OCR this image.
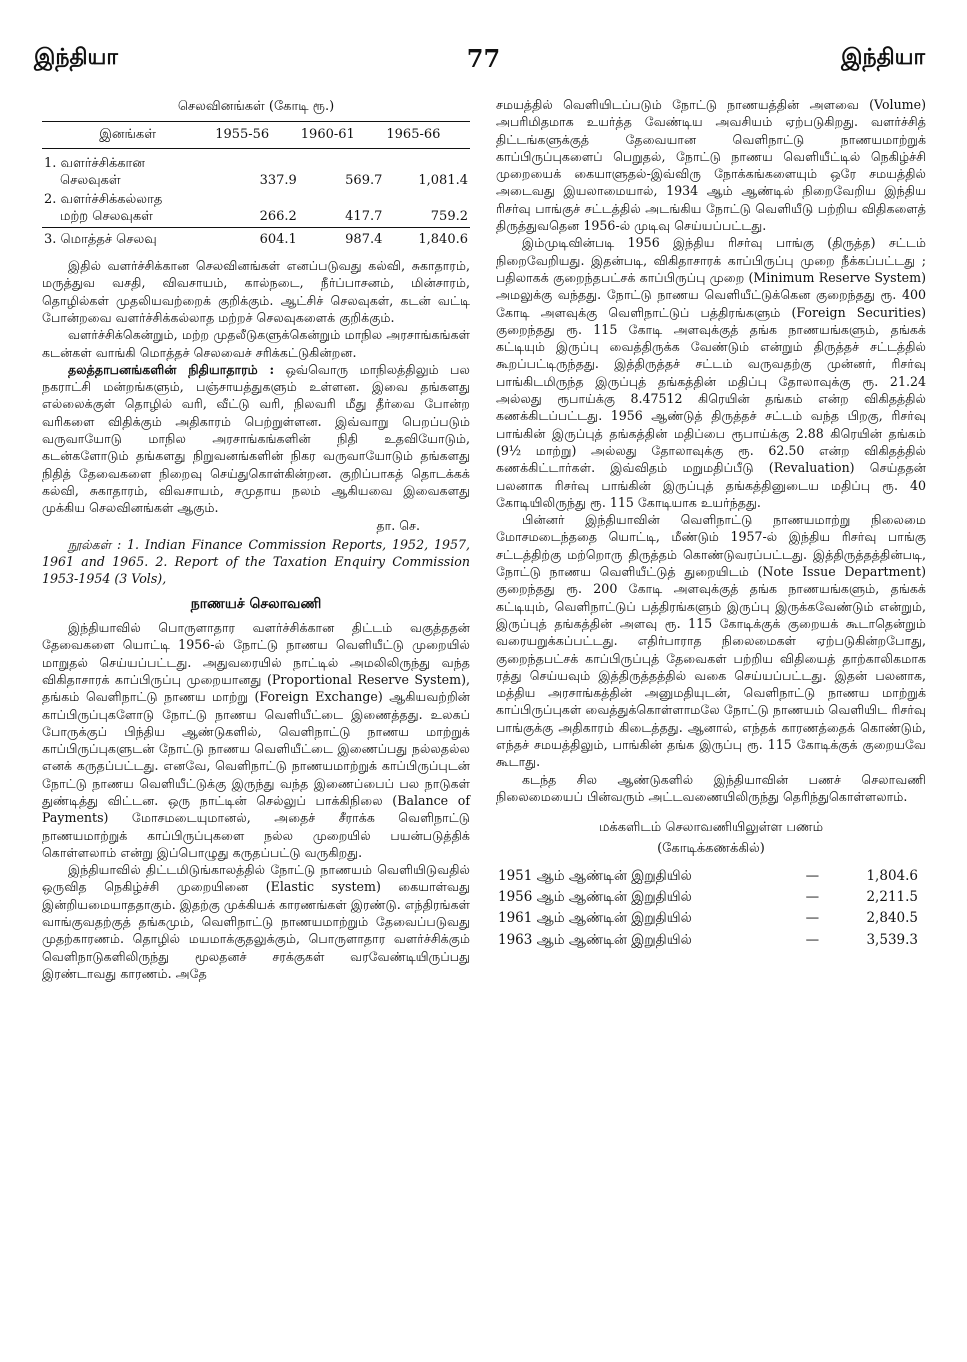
இந்தியா	77	இந்தியா
செலவினங்கள் (கோடி ரூ.)
இனங்கள்	1955-56	1960-61	1965-66
1. வளர்ச்சிக்கான
செலவுகள்	337.9	569.7	1,081.4
2. வளர்ச்சிக்கல்லாத
மற்ற செலவுகள்	266.2	417.7	759.2
3. மொத்தச் செலவு	604.1	987.4	1,840.6

இதில் வளர்ச்சிக்கான செலவினங்கள் எனப்படுவது கல்வி, சுகாதாரம், மருத்துவ வசதி, விவசாயம், கால்நடை, நீர்ப்பாசனம், மின்சாரம், தொழில்கள் முதலியவற்றைக் குறிக்கும். ஆட்சிச் செலவுகள், கடன் வட்டி போன்றவை வளர்ச்சிக்கல்லாத மற்றச் செலவுகளைக் குறிக்கும்.

வளர்ச்சிக்கென்றும், மற்ற முதலீடுகளுக்கென்றும் மாநில அரசாங்கங்கள் கடன்கள் வாங்கி மொத்தச் செலவைச் சரிக்கட்டுகின்றன.

தலத்தாபனங்களின் நிதியாதாரம் : ஒவ்வொரு மாநிலத்திலும் பல நகராட்சி மன்றங்களும், பஞ்சாயத்துகளும் உள்ளன. இவை தங்களது எல்லைக்குள் தொழில் வரி, வீட்டு வரி, நிலவரி மீது தீர்வை போன்ற வரிகளை விதிக்கும் அதிகாரம் பெற்றுள்ளன. இவ்வாறு பெறப்படும் வருவாயோடு மாநில அரசாங்கங்களின் நிதி உதவியோடும், கடன்களோடும் தங்களது நிறுவனங்களின் நிகர வருவாயோடும் தங்களது நிதித் தேவைகளை நிறைவு செய்துகொள்கின்றன. குறிப்பாகத் தொடக்கக் கல்வி, சுகாதாரம், விவசாயம், சமுதாய நலம் ஆகியவை இவைகளது முக்கிய செலவினங்கள் ஆகும்.

தா. செ.

நூல்கள் : 1. Indian Finance Commission Reports, 1952, 1957, 1961 and 1965. 2. Report of the Taxation Enquiry Commission 1953-1954 (3 Vols),

நாணயச் செலாவணி

இந்தியாவில் பொருளாதார வளர்ச்சிக்கான திட்டம் வகுத்ததன் தேவைகளை யொட்டி 1956-ல் நோட்டு நாணய வெளியீட்டு முறையில் மாறுதல் செய்யப்பட்டது. அதுவரையில் நாட்டில் அமலிலிருந்து வந்த விகிதாசாரக் காப்பிருப்பு முறையானது (Proportional Reserve System), தங்கம் வெளிநாட்டு நாணய மாற்று (Foreign Exchange) ஆகியவற்றின் காப்பிருப்புகளோடு நோட்டு நாணய வெளியீட்டை இணைத்தது. உலகப் போருக்குப் பிந்திய ஆண்டுகளில், வெளிநாட்டு நாணய மாற்றுக் காப்பிருப்புகளுடன் நோட்டு நாணய வெளியீட்டை இணைப்பது நல்லதல்ல எனக் கருதப்பட்டது. எனவே, வெளிநாட்டு நாணயமாற்றுக் காப்பிருப்புடன் நோட்டு நாணய வெளியீட்டுக்கு இருந்து வந்த இணைப்பைப் பல நாடுகள் துண்டித்து விட்டன. ஒரு நாட்டின் செல்லுப் பாக்கிநிலை (Balance of Payments) மோசமடையுமானல், அதைச் சீராக்க வெளிநாட்டு நாணயமாற்றுக் காப்பிருப்புகளை நல்ல முறையில் பயன்படுத்திக் கொள்ளலாம் என்று இப்பொழுது கருதப்பட்டு வருகிறது.

இந்தியாவில் திட்டமிடுங்காலத்தில் நோட்டு நாணயம் வெளியிடுவதில் ஒருவித நெகிழ்ச்சி முறையினை (Elastic system) கையாள்வது இன்றியமையாததாகும். இதற்கு முக்கியக் காரணங்கள் இரண்டு. எந்திரங்கள் வாங்குவதற்குத் தங்கமும், வெளிநாட்டு நாணயமாற்றும் தேவைப்படுவது முதற்காரணம். தொழில் மயமாக்குதலுக்கும், பொருளாதார வளர்ச்சிக்கும் வெளிநாடுகளிலிருந்து மூலதனச் சரக்குகள் வரவேண்டியிருப்பது இரண்டாவது காரணம். அதே

சமயத்தில் வெளியிடப்படும் நோட்டு நாணயத்தின் அளவை (Volume) அபரிமிதமாக உயர்த்த வேண்டிய அவசியம் ஏற்படுகிறது. வளர்ச்சித் திட்டங்களுக்குத் தேவையான வெளிநாட்டு நாணயமாற்றுக் காப்பிருப்புகளைப் பெறுதல், நோட்டு நாணய வெளியீட்டில் நெகிழ்ச்சி முறையைக் கையாளுதல்-இவ்விரு நோக்கங்களையும் ஒரே சமயத்தில் அடைவது இயலாமையால், 1934 ஆம் ஆண்டில் நிறைவேறிய இந்திய ரிசர்வு பாங்குச் சட்டத்தில் அடங்கிய நோட்டு வெளியீடு பற்றிய விதிகளைத் திருத்துவதென 1956-ல் முடிவு செய்யப்பட்டது.

இம்முடிவின்படி 1956 இந்திய ரிசர்வு பாங்கு (திருத்த) சட்டம் நிறைவேறியது. இதன்படி, விகிதாசாரக் காப்பிருப்பு முறை நீக்கப்பட்டது ; பதிலாகக் குறைந்தபட்சக் காப்பிருப்பு முறை (Minimum Reserve System) அமலுக்கு வந்தது. நோட்டு நாணய வெளியீட்டுக்கென குறைந்தது ரூ. 400 கோடி அளவுக்கு வெளிநாட்டுப் பத்திரங்களும் (Foreign Securities) குறைந்தது ரூ. 115 கோடி அளவுக்குத் தங்க நாணயங்களும், தங்கக் கட்டியும் இருப்பு வைத்திருக்க வேண்டும் என்றும் திருத்தச் சட்டத்தில் கூறப்பட்டிருந்தது. இத்திருத்தச் சட்டம் வருவதற்கு முன்னர், ரிசர்வு பாங்கிடமிருந்த இருப்புத் தங்கத்தின் மதிப்பு தோலாவுக்கு ரூ. 21.24 அல்லது ரூபாய்க்கு 8.47512 கிரெயின் தங்கம் என்ற விகிதத்தில் கணக்கிடப்பட்டது. 1956 ஆண்டுத் திருத்தச் சட்டம் வந்த பிறகு, ரிசர்வு பாங்கின் இருப்புத் தங்கத்தின் மதிப்பை ரூபாய்க்கு 2.88 கிரெயின் தங்கம் (9½ மாற்று) அல்லது தோலாவுக்கு ரூ. 62.50 என்ற விகிதத்தில் கணக்கிட்டார்கள். இவ்விதம் மறுமதிப்பீடு (Revaluation) செய்ததன் பலனாக ரிசர்வு பாங்கின் இருப்புத் தங்கத்தினுடைய மதிப்பு ரூ. 40 கோடியிலிருந்து ரூ. 115 கோடியாக உயர்ந்தது.

பின்னர் இந்தியாவின் வெளிநாட்டு நாணயமாற்று நிலைமை மோசமடைந்ததை யொட்டி, மீண்டும் 1957-ல் இந்திய ரிசர்வு பாங்கு சட்டத்திற்கு மற்றொரு திருத்தம் கொண்டுவரப்பட்டது. இத்திருத்தத்தின்படி, நோட்டு நாணய வெளியீட்டுத் துறையிடம் (Note Issue Department) குறைந்தது ரூ. 200 கோடி அளவுக்குத் தங்க நாணயங்களும், தங்கக் கட்டியும், வெளிநாட்டுப் பத்திரங்களும் இருப்பு இருக்கவேண்டும் என்றும், இருப்புத் தங்கத்தின் அளவு ரூ. 115 கோடிக்குக் குறையக் கூடாதென்றும் வரையறுக்கப்பட்டது. எதிர்பாராத நிலைமைகள் ஏற்படுகின்றபோது, குறைந்தபட்சக் காப்பிருப்புத் தேவைகள் பற்றிய விதியைத் தாற்காலிகமாக ரத்து செய்யவும் இத்திருத்தத்தில் வகை செய்யப்பட்டது. இதன் பலனாக, மத்திய அரசாங்கத்தின் அனுமதியுடன், வெளிநாட்டு நாணய மாற்றுக் காப்பிருப்புகள் வைத்துக்கொள்ளாமலே நோட்டு நாணயம் வெளியிட ரிசர்வு பாங்குக்கு அதிகாரம் கிடைத்தது. ஆனால், எந்தக் காரணத்தைக் கொண்டும், எந்தச் சமயத்திலும், பாங்கின் தங்க இருப்பு ரூ. 115 கோடிக்குக் குறையவே கூடாது.

கடந்த சில ஆண்டுகளில் இந்தியாவின் பணச் செலாவணி நிலைமையைப் பின்வரும் அட்டவணையிலிருந்து தெரிந்துகொள்ளலாம்.

மக்களிடம் செலாவணியிலுள்ள பணம்
(கோடிக்கணக்கில்)
1951 ஆம் ஆண்டின் இறுதியில்	—	1,804.6
1956 ஆம் ஆண்டின் இறுதியில்	—	2,211.5
1961 ஆம் ஆண்டின் இறுதியில்	—	2,840.5
1963 ஆம் ஆண்டின் இறுதியில்	—	3,539.3
